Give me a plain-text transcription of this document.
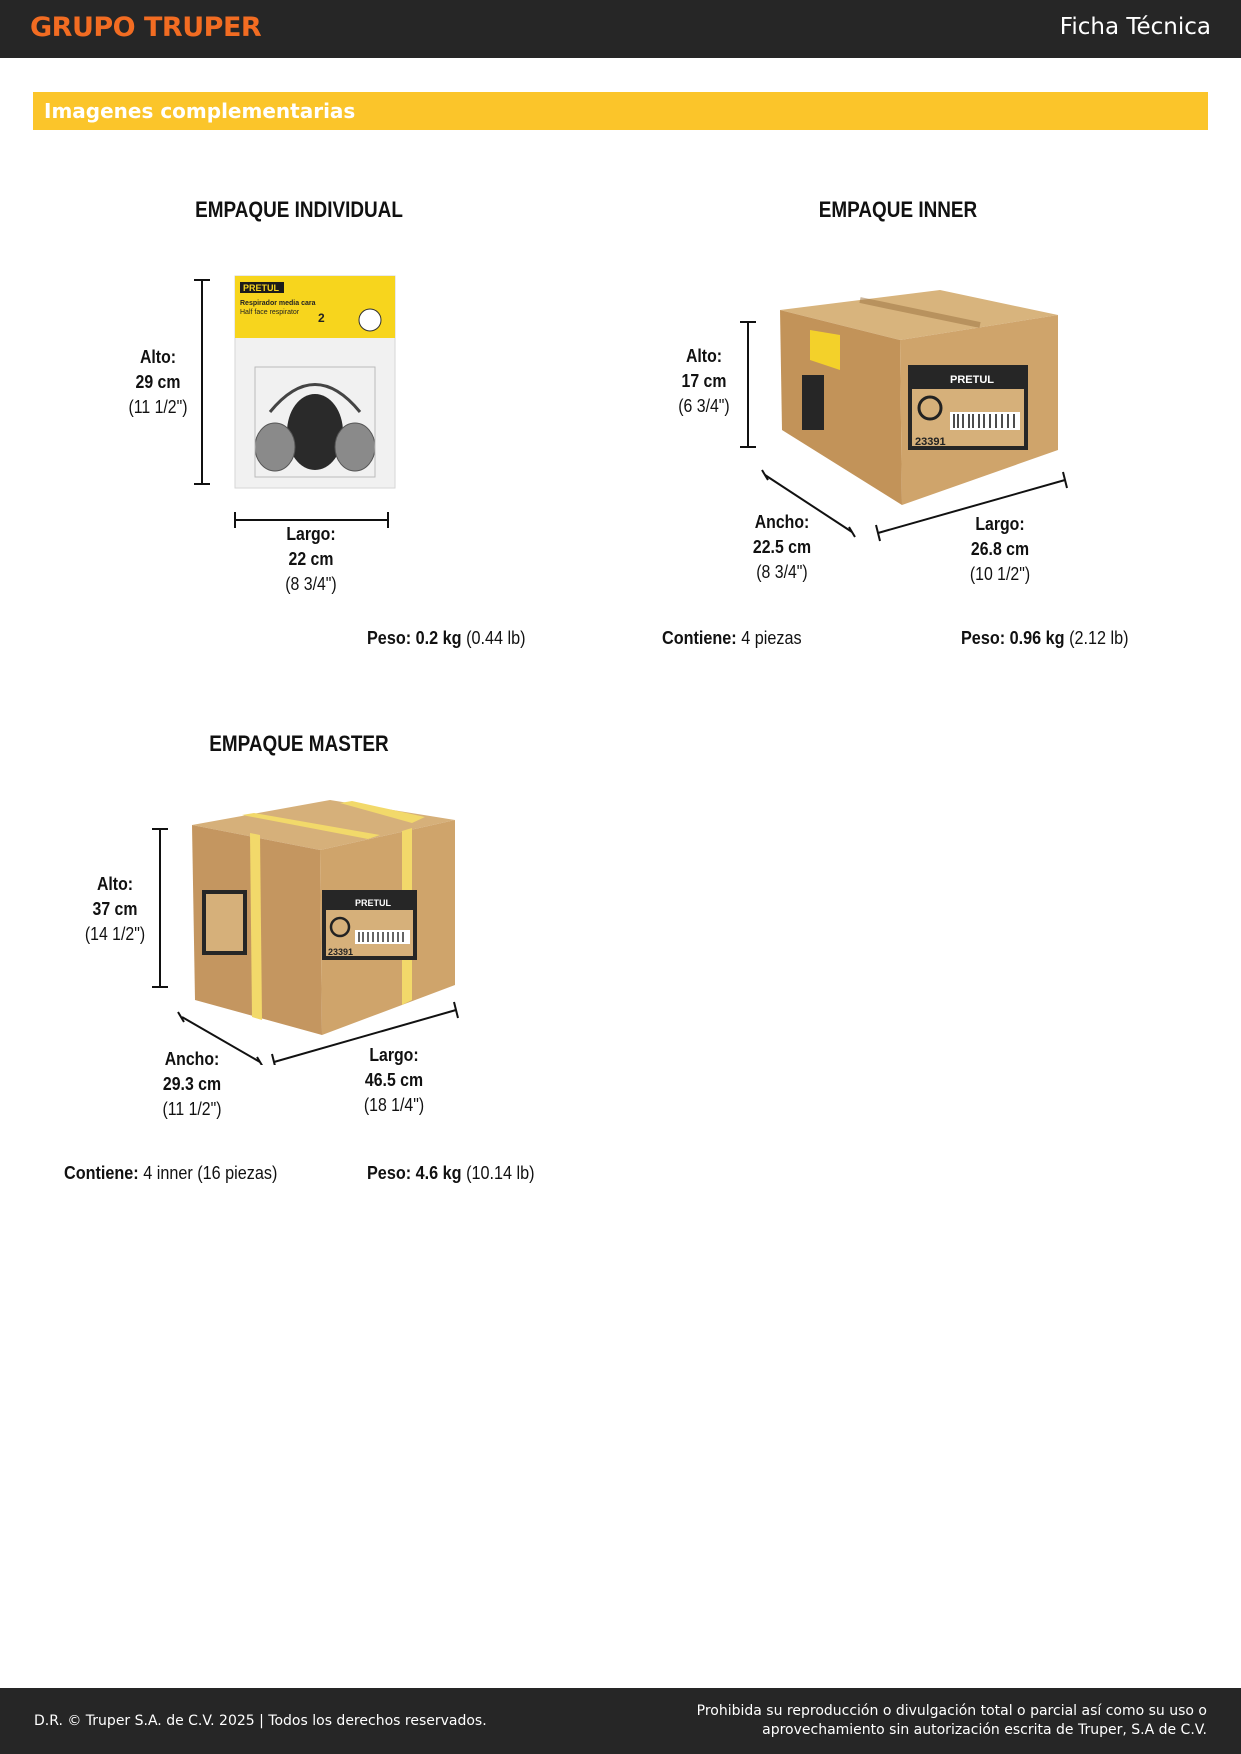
GRUPO TRUPER	Ficha Técnica
Imagenes complementarias
EMPAQUE INDIVIDUAL
PRETUL
Respirador media cara
Half face respirator 2
Alto:
29 cm
(11 1/2")
Largo:
22 cm
(8 3/4")
Peso: 0.2 kg (0.44 lb)
EMPAQUE INNER
PRETUL
23391
Alto:
17 cm
(6 3/4")
Ancho:
22.5 cm
(8 3/4")
Largo:
26.8 cm
(10 1/2")
Contiene: 4 piezas	Peso: 0.96 kg (2.12 lb)
EMPAQUE MASTER
PRETUL
23391
Alto:
37 cm
(14 1/2")
Ancho:
29.3 cm
(11 1/2")
Largo:
46.5 cm
(18 1/4")
Contiene: 4 inner (16 piezas)	Peso: 4.6 kg (10.14 lb)
D.R. © Truper S.A. de C.V. 2025 | Todos los derechos reservados.
Prohibida su reproducción o divulgación total o parcial así como su uso o
aprovechamiento sin autorización escrita de Truper, S.A de C.V.
